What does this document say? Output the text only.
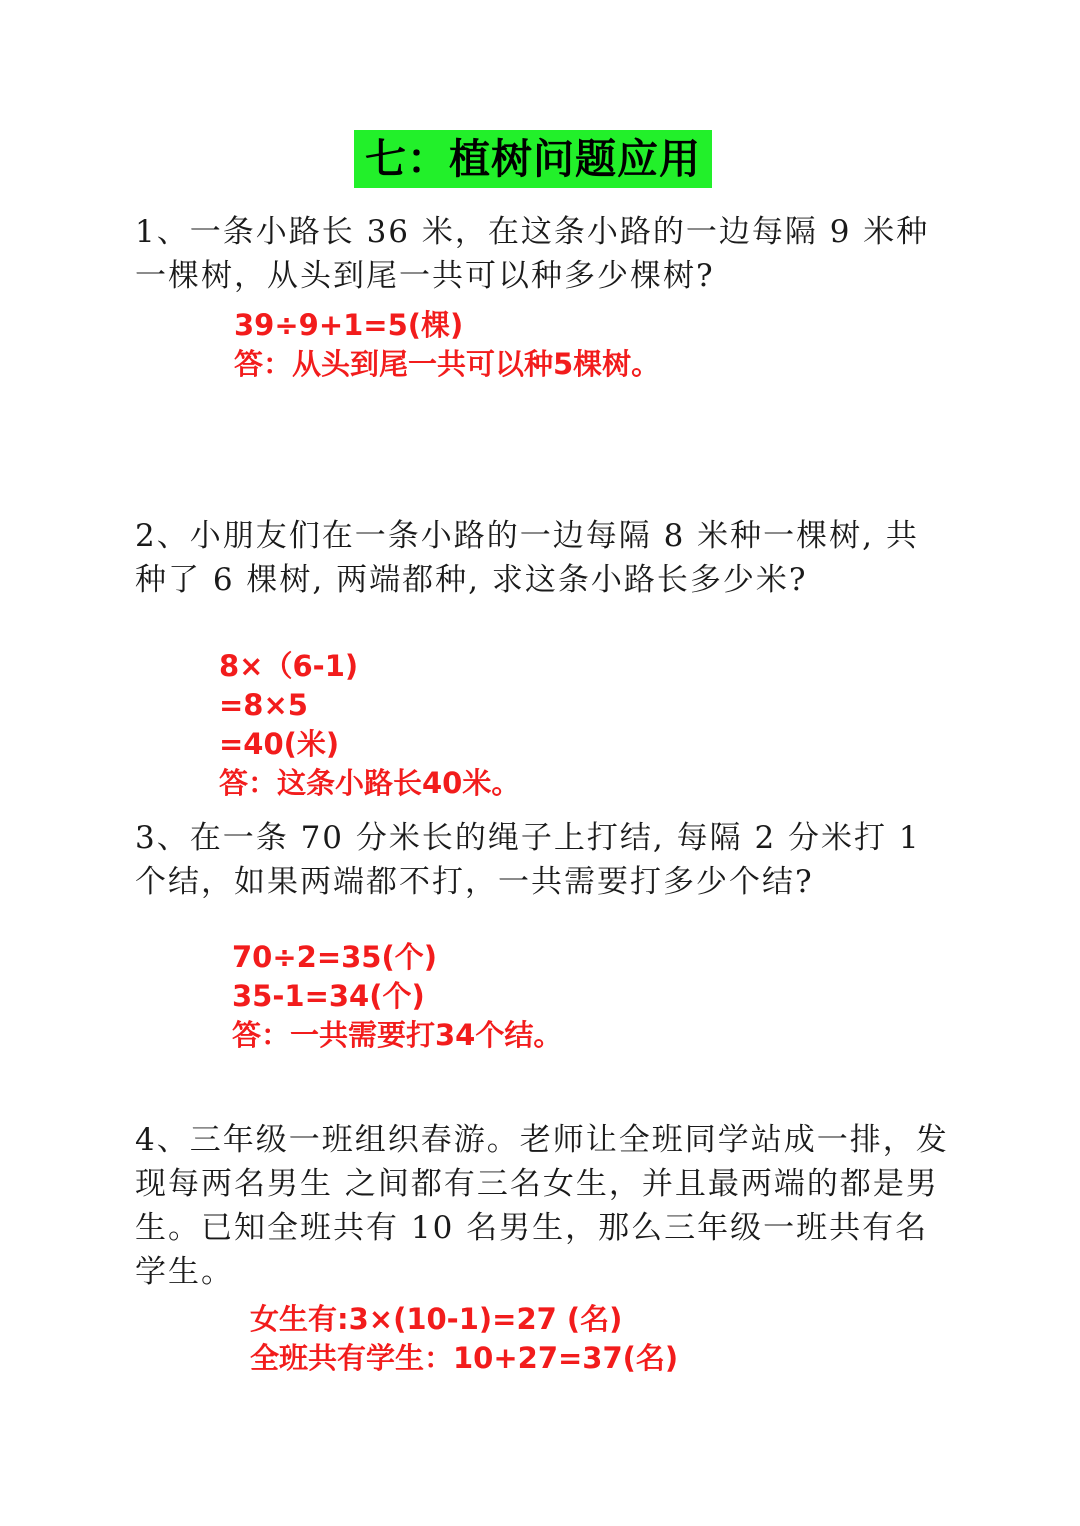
七：植树问题应用
1、一条小路长 36 米，在这条小路的一边每隔 9 米种一棵树，从头到尾一共可以种多少棵树?
39÷9+1=5(棵)
答：从头到尾一共可以种5棵树。
2、小朋友们在一条小路的一边每隔 8 米种一棵树, 共种了 6 棵树, 两端都种, 求这条小路长多少米?
8×（6-1)
=8×5
=40(米)
答：这条小路长40米。
3、在一条 70 分米长的绳子上打结, 每隔 2 分米打 1 个结，如果两端都不打，一共需要打多少个结?
70÷2=35(个)
35-1=34(个)
答：一共需要打34个结。
4、三年级一班组织春游。老师让全班同学站成一排，发现每两名男生 之间都有三名女生，并且最两端的都是男生。已知全班共有 10 名男生，那么三年级一班共有名学生。
女生有:3×(10-1)=27 (名)
全班共有学生：10+27=37(名)
